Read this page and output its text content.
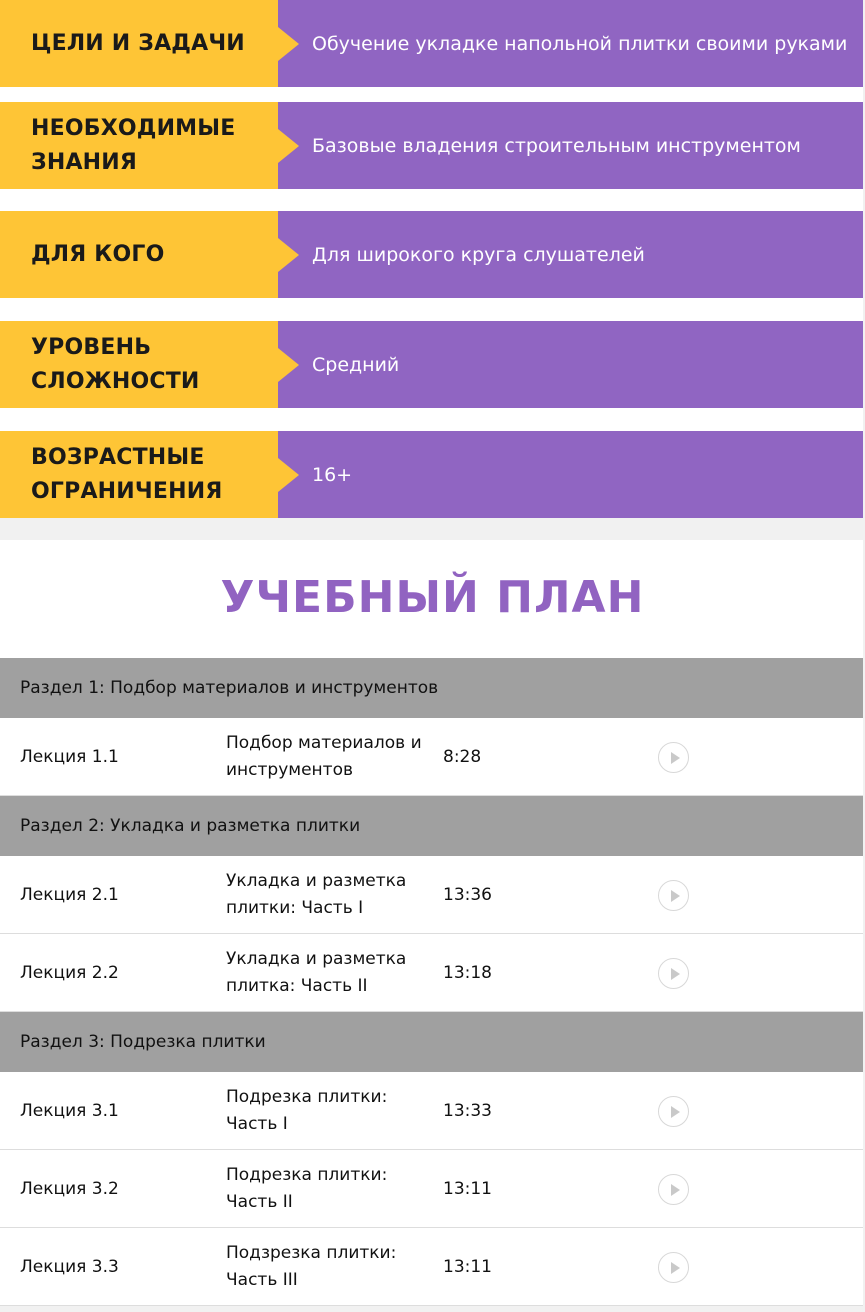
ЦЕЛИ И ЗАДАЧИ	Обучение укладке напольной плитки своими руками
НЕОБХОДИМЫЕ ЗНАНИЯ
Базовые владения строительным инструментом
ДЛЯ КОГО	Для широкого круга слушателей
УРОВЕНЬ СЛОЖНОСТИ
Средний
ВОЗРАСТНЫЕ ОГРАНИЧЕНИЯ
16+
УЧЕБНЫЙ ПЛАН
Раздел 1: Подбор материалов и инструментов
Лекция 1.1
Подбор материалов и инструментов
8:28
Раздел 2: Укладка и разметка плитки
Лекция 2.1
Укладка и разметка плитки: Часть I
13:36
Лекция 2.2
Укладка и разметка плитка: Часть II
13:18
Раздел 3: Подрезка плитки
Лекция 3.1
Подрезка плитки: Часть I
13:33
Лекция 3.2
Подрезка плитки: Часть II
13:11
Лекция 3.3
Подзрезка плитки: Часть III
13:11
